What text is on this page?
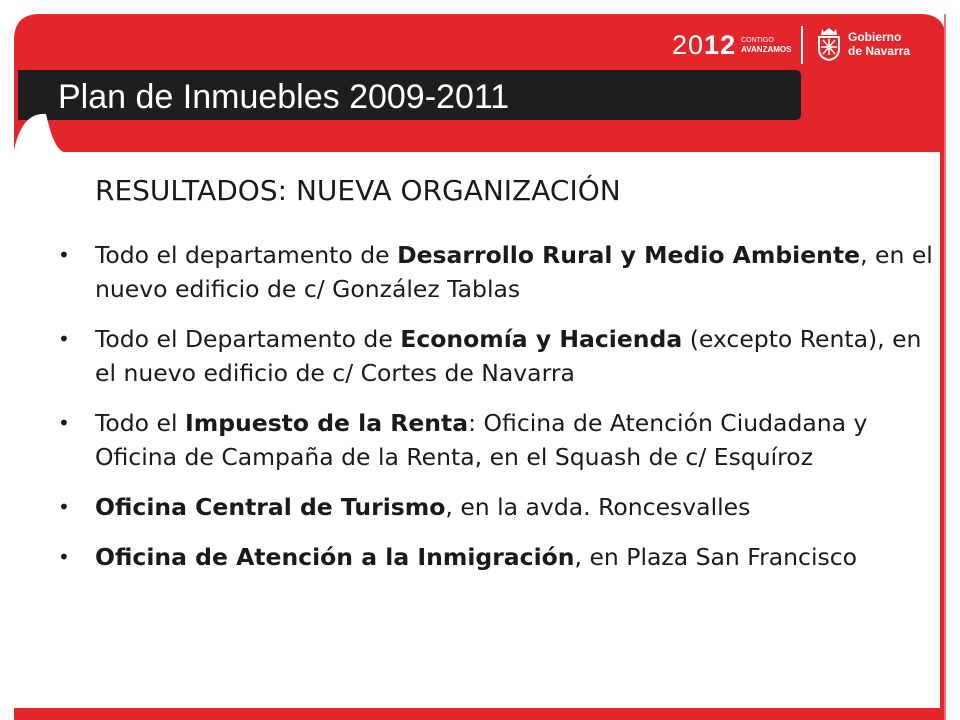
Plan de Inmuebles 2009-2011
2012 CONTIGO
AVANZAMOS
Gobierno
de Navarra
RESULTADOS: NUEVA ORGANIZACIÓN
• Todo el departamento de Desarrollo Rural y Medio Ambiente, en el nuevo edificio de c/ González Tablas
• Todo el Departamento de Economía y Hacienda (excepto Renta), en el nuevo edificio de c/ Cortes de Navarra
• Todo el Impuesto de la Renta: Oficina de Atención Ciudadana y Oficina de Campaña de la Renta, en el Squash de c/ Esquíroz
• Oficina Central de Turismo, en la avda. Roncesvalles
• Oficina de Atención a la Inmigración, en Plaza San Francisco
